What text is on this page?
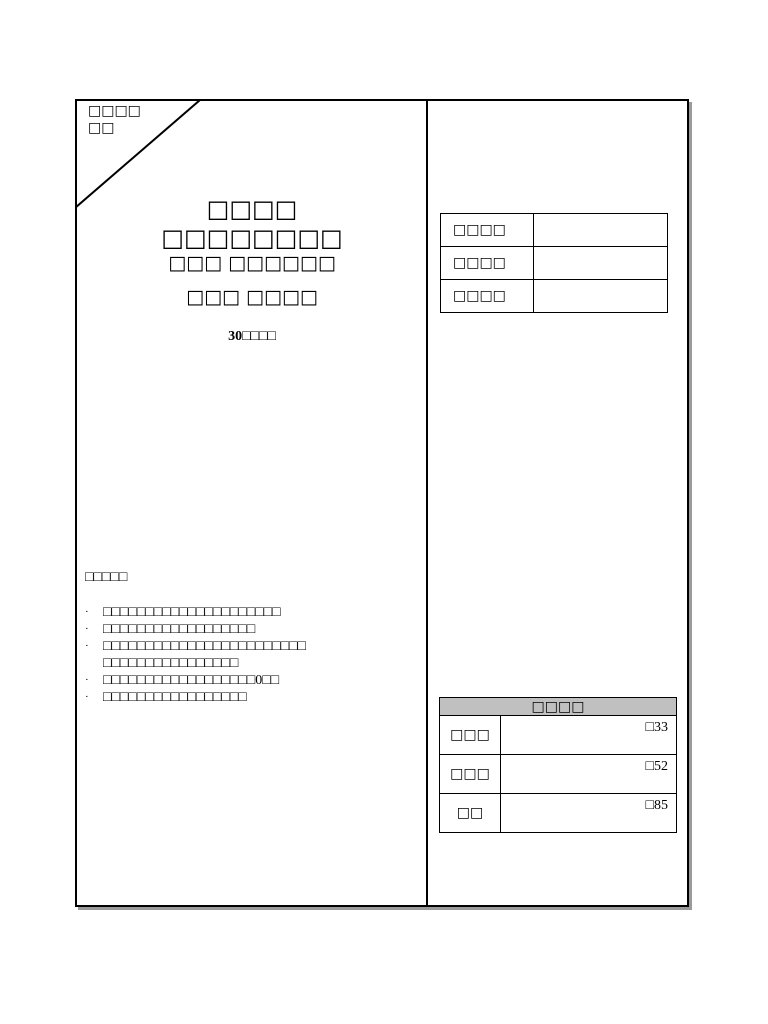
□□□□
□□
□□□□
□□□□□□□□
□□□ □□□□□□
□□□ □□□□
30□□□□
□□□□	
□□□□	
□□□□	
□□□□□
· □□□□□□□□□□□□□□□□□□□□□
· □□□□□□□□□□□□□□□□□□
· □□□□□□□□□□□□□□□□□□□□□□□□
□□□□□□□□□□□□□□□□
· □□□□□□□□□□□□□□□□□□0□□
· □□□□□□□□□□□□□□□□□
□□□□	
□□□	□33
□□□	□52
□□	□85
